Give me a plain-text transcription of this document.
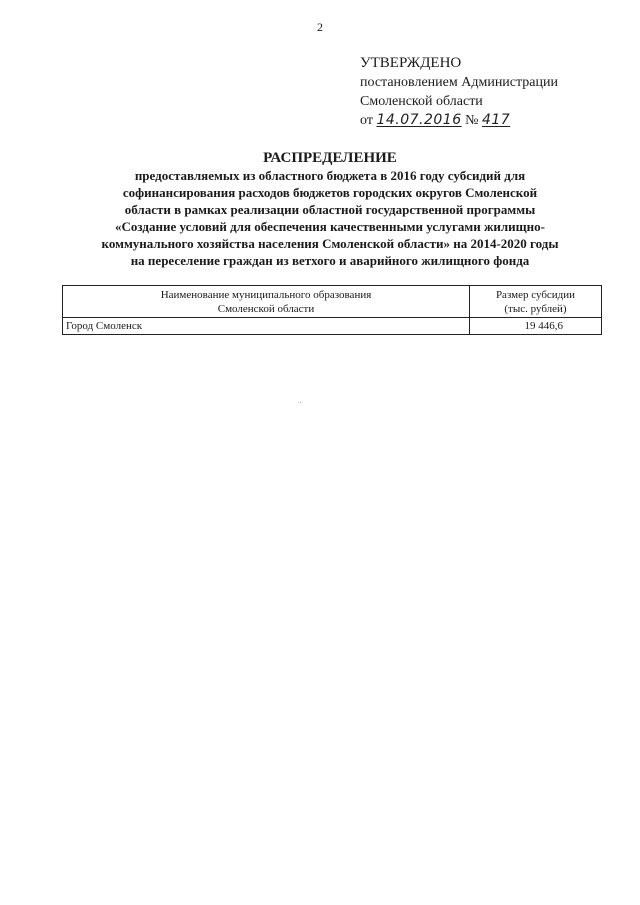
2
УТВЕРЖДЕНО
постановлением Администрации
Смоленской области
от 14.07.2016 № 417
РАСПРЕДЕЛЕНИЕ
предоставляемых из областного бюджета в 2016 году субсидий для
софинансирования расходов бюджетов городских округов Смоленской
области в рамках реализации областной государственной программы
«Создание условий для обеспечения качественными услугами жилищно-
коммунального хозяйства населения Смоленской области» на 2014-2020 годы
на переселение граждан из ветхого и аварийного жилищного фонда
Наименование муниципального образования
Смоленской области	Размер субсидии
(тыс. рублей)

Город Смоленск	19 446,6
